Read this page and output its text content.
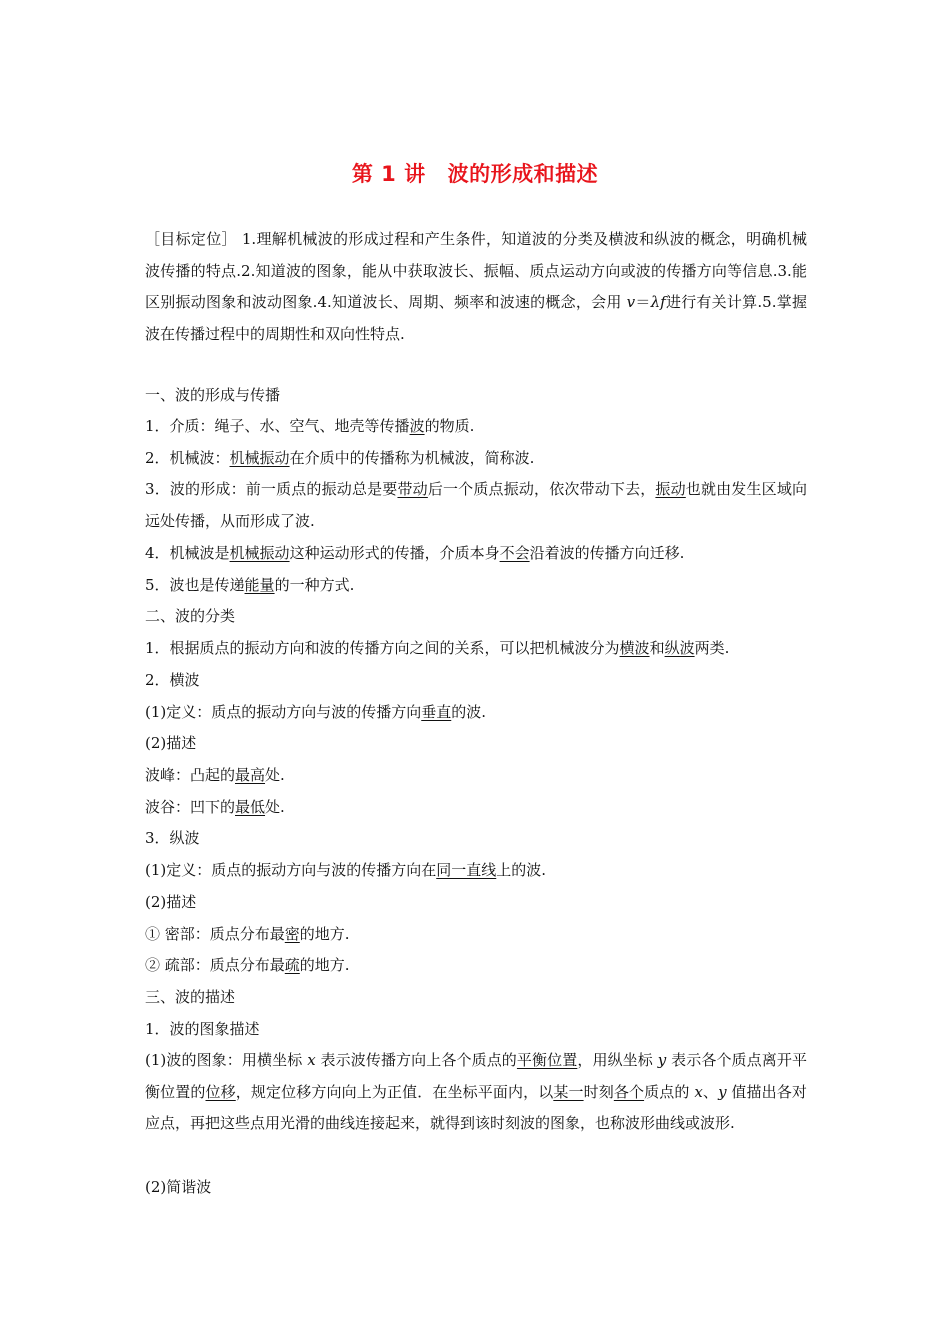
第 1 讲 波的形成和描述
［目标定位］ 1.理解机械波的形成过程和产生条件，知道波的分类及横波和纵波的概念，明确机械波传播的特点.2.知道波的图象，能从中获取波长、振幅、质点运动方向或波的传播方向等信息.3.能区别振动图象和波动图象.4.知道波长、周期、频率和波速的概念，会用 v＝λf进行有关计算.5.掌握波在传播过程中的周期性和双向性特点.
一、波的形成与传播
1．介质：绳子、水、空气、地壳等传播波的物质.
2．机械波：机械振动在介质中的传播称为机械波，简称波.
3．波的形成：前一质点的振动总是要带动后一个质点振动，依次带动下去，振动也就由发生区域向远处传播，从而形成了波.
4．机械波是机械振动这种运动形式的传播，介质本身不会沿着波的传播方向迁移.
5．波也是传递能量的一种方式.
二、波的分类
1．根据质点的振动方向和波的传播方向之间的关系，可以把机械波分为横波和纵波两类.
2．横波
(1)定义：质点的振动方向与波的传播方向垂直的波.
(2)描述
波峰：凸起的最高处.
波谷：凹下的最低处.
3．纵波
(1)定义：质点的振动方向与波的传播方向在同一直线上的波.
(2)描述
① 密部：质点分布最密的地方.
② 疏部：质点分布最疏的地方.
三、波的描述
1．波的图象描述
(1)波的图象：用横坐标 x 表示波传播方向上各个质点的平衡位置，用纵坐标 y 表示各个质点离开平衡位置的位移，规定位移方向向上为正值．在坐标平面内，以某一时刻各个质点的 x、y 值描出各对应点，再把这些点用光滑的曲线连接起来，就得到该时刻波的图象，也称波形曲线或波形.
(2)简谐波
